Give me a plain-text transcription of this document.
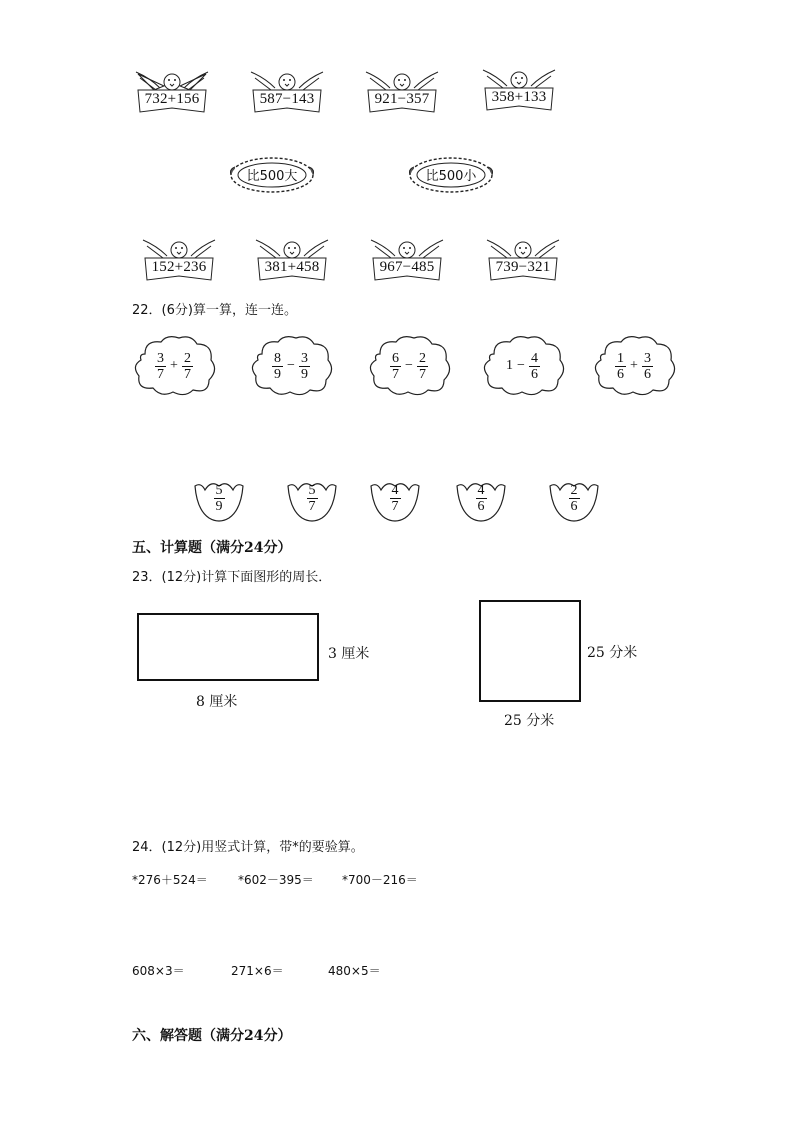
732+156	587−143	921−357	358+133
比500大	比500小
152+236	381+458	967−485	739−321
22．(6分)算一算，连一连。
$\frac{3}{7} + \frac{2}{7}$	$\frac{8}{9} - \frac{3}{9}$	$\frac{6}{7} - \frac{2}{7}$	$1 - \frac{4}{6}$	$\frac{1}{6} + \frac{3}{6}$
$\frac{5}{9}$	$\frac{5}{7}$	$\frac{4}{7}$	$\frac{4}{6}$	$\frac{2}{6}$
五、计算题（满分24分）
23．(12分)计算下面图形的周长．
3 厘米
8 厘米
25 分米
25 分米
24．(12分)用竖式计算，带*的要验算。
*276＋524＝	*602－395＝ *700－216＝
608×3＝	271×6＝	480×5＝
六、解答题（满分24分）
